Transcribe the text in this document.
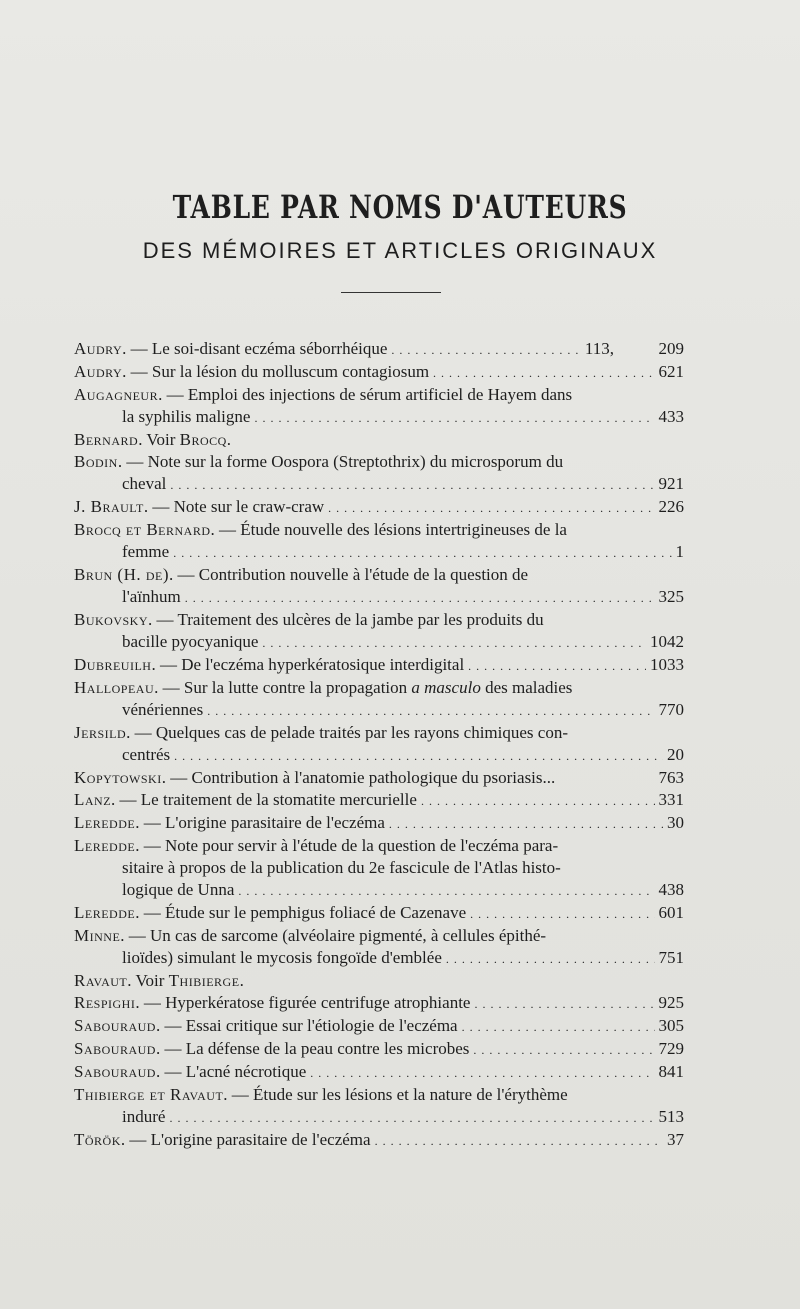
TABLE PAR NOMS D'AUTEURS
DES MÉMOIRES ET ARTICLES ORIGINAUX
Audry. — Le soi-disant eczéma séborrhéique . . .	113,	209
Audry. — Sur la lésion du molluscum contagiosum . . .	621
Augagneur. — Emploi des injections de sérum artificiel de Hayem dans
la syphilis maligne . . .	433
Bernard. Voir Brocq.
Bodin. — Note sur la forme Oospora (Streptothrix) du microsporum du
cheval . . .	921
J. Brault. — Note sur le craw-craw . . .	226
Brocq et Bernard. — Étude nouvelle des lésions intertrigineuses de la
femme . . .	1
Brun (H. de). — Contribution nouvelle à l'étude de la question de
l'aïnhum . . .	325
Bukovsky. — Traitement des ulcères de la jambe par les produits du
bacille pyocyanique . . .	1042
Dubreuilh. — De l'eczéma hyperkératosique interdigital . . .	1033
Hallopeau. — Sur la lutte contre la propagation a masculo des maladies
vénériennes . . .	770
Jersild. — Quelques cas de pelade traités par les rayons chimiques con-
centrés . . .	20
Kopytowski. — Contribution à l'anatomie pathologique du psoriasis...	763
Lanz. — Le traitement de la stomatite mercurielle . . .	331
Leredde. — L'origine parasitaire de l'eczéma . . .	30
Leredde. — Note pour servir à l'étude de la question de l'eczéma para-
sitaire à propos de la publication du 2e fascicule de l'Atlas histo-
logique de Unna . . .	438
Leredde. — Étude sur le pemphigus foliacé de Cazenave . . .	601
Minne. — Un cas de sarcome (alvéolaire pigmenté, à cellules épithé-
lioïdes) simulant le mycosis fongoïde d'emblée . . .	751
Ravaut. Voir Thibierge.
Respighi. — Hyperkératose figurée centrifuge atrophiante . . .	925
Sabouraud. — Essai critique sur l'étiologie de l'eczéma . . .	305
Sabouraud. — La défense de la peau contre les microbes . . .	729
Sabouraud. — L'acné nécrotique . . .	841
Thibierge et Ravaut. — Étude sur les lésions et la nature de l'érythème
induré . . .	513
Török. — L'origine parasitaire de l'eczéma . . .	37
